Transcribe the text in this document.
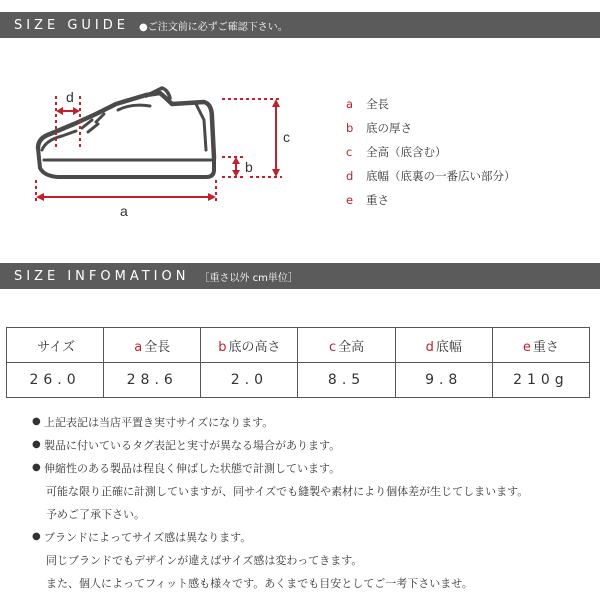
SIZE GUIDE ●ご注文前に必ずご確認下さい。
a
b
c
d	a	全長
b	底の厚さ
c	全高（底含む）
d	底幅（底裏の一番広い部分）
e	重さ
SIZE INFOMATION ［重さ以外 cm単位］
サイズ	a 全長	b 底の高さ	c 全高	d 底幅	e 重さ
26.0	28.6	2.0	8.5	9.8	210g
● 上記表記は当店平置き実寸サイズになります。
● 製品に付いているタグ表記と実寸が異なる場合があります。
● 伸縮性のある製品は程良く伸ばした状態で計測しています。
可能な限り正確に計測していますが、同サイズでも縫製や素材により個体差が生じてしまいます。
予めご了承下さい。
● ブランドによってサイズ感は異なります。
同じブランドでもデザインが違えばサイズ感は変わってきます。
また、個人によってフィット感も様々です。あくまでも目安としてご一考下さいませ。
